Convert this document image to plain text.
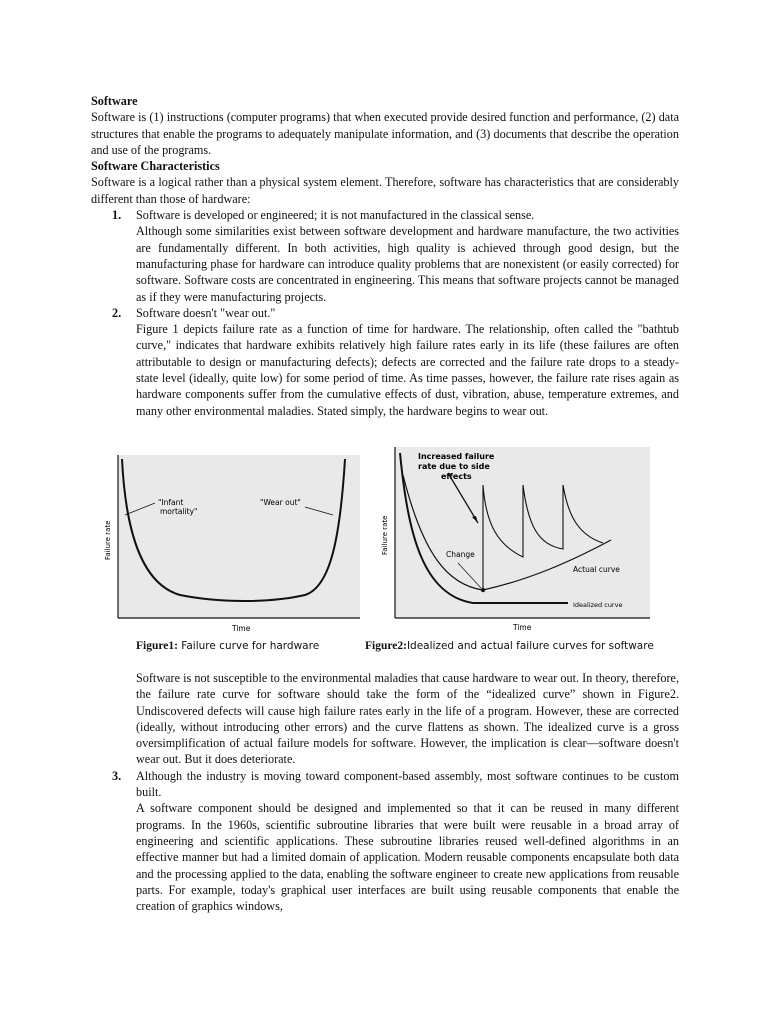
Software

Software is (1) instructions (computer programs) that when executed provide desired function and performance, (2) data structures that enable the programs to adequately manipulate information, and (3) documents that describe the operation and use of the programs.

Software Characteristics

Software is a logical rather than a physical system element. Therefore, software has characteristics that are considerably different than those of hardware:

1. Software is developed or engineered; it is not manufactured in the classical sense.

Although some similarities exist between software development and hardware manufacture, the two activities are fundamentally different. In both activities, high quality is achieved through good design, but the manufacturing phase for hardware can introduce quality problems that are nonexistent (or easily corrected) for software. Software costs are concentrated in engineering. This means that software projects cannot be managed as if they were manufacturing projects.

2. Software doesn't "wear out."

Figure 1 depicts failure rate as a function of time for hardware. The relationship, often called the "bathtub curve," indicates that hardware exhibits relatively high failure rates early in its life (these failures are often attributable to design or manufacturing defects); defects are corrected and the failure rate drops to a steady-state level (ideally, quite low) for some period of time. As time passes, however, the failure rate rises again as hardware components suffer from the cumulative effects of dust, vibration, abuse, temperature extremes, and many other environmental maladies. Stated simply, the hardware begins to wear out.

"Infant
mortality"
"Wear out"
Failure rate
Time
Increased failure
rate due to side
effects
Change
Actual curve
Idealized curve
Failure rate
Time
Figure1: Failure curve for hardware	Figure2:Idealized and actual failure curves for software

Software is not susceptible to the environmental maladies that cause hardware to wear out. In theory, therefore, the failure rate curve for software should take the form of the “idealized curve” shown in Figure2. Undiscovered defects will cause high failure rates early in the life of a program. However, these are corrected (ideally, without introducing other errors) and the curve flattens as shown. The idealized curve is a gross oversimplification of actual failure models for software. However, the implication is clear—software doesn't wear out. But it does deteriorate.

3. Although the industry is moving toward component-based assembly, most software continues to be custom built.

A software component should be designed and implemented so that it can be reused in many different programs. In the 1960s, scientific subroutine libraries that were built were reusable in a broad array of engineering and scientific applications. These subroutine libraries reused well-defined algorithms in an effective manner but had a limited domain of application. Modern reusable components encapsulate both data and the processing applied to the data, enabling the software engineer to create new applications from reusable parts. For example, today's graphical user interfaces are built using reusable components that enable the creation of graphics windows,
